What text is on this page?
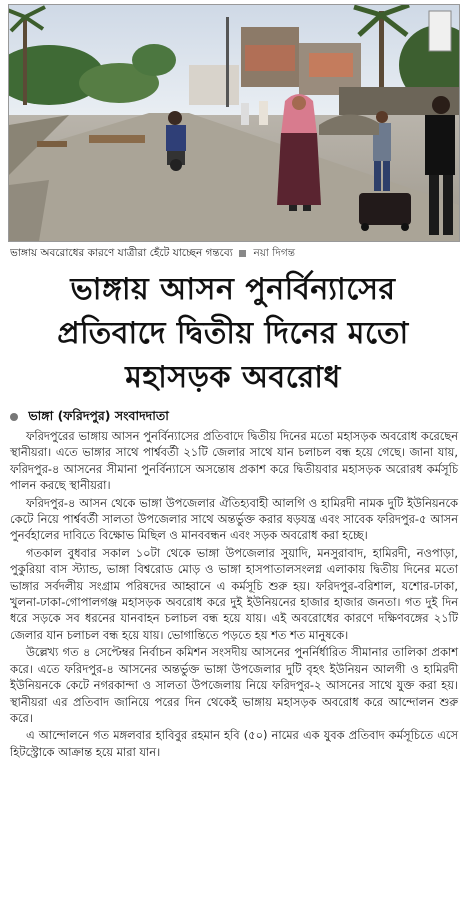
ভাঙ্গায় অবরোধের কারণে যাত্রীরা হেঁটে যাচ্ছেন গন্তব্যে নয়া দিগন্ত
ভাঙ্গায় আসন পুনর্বিন্যাসের
প্রতিবাদে দ্বিতীয় দিনের মতো
মহাসড়ক অবরোধ
ভাঙ্গা (ফরিদপুর) সংবাদদাতা

ফরিদপুরের ভাঙ্গায় আসন পুনর্বিন্যাসের প্রতিবাদে দ্বিতীয় দিনের মতো মহাসড়ক অবরোধ করেছেন স্থানীয়রা। এতে ভাঙ্গার সাথে পার্শ্ববর্তী ২১টি জেলার সাথে যান চলাচল বন্ধ হয়ে গেছে। জানা যায়, ফরিদপুর-৪ আসনের সীমানা পুনর্বিন্যাসে অসন্তোষ প্রকাশ করে দ্বিতীয়বার মহাসড়ক অরোরধ কর্মসূচি পালন করছে স্থানীয়রা।

ফরিদপুর-৪ আসন থেকে ভাঙ্গা উপজেলার ঐতিহ্যবাহী আলগি ও হামিরদী নামক দুটি ইউনিয়নকে কেটে নিয়ে পার্শ্ববর্তী সালতা উপজেলার সাথে অন্তর্ভুক্ত করার ষড়যন্ত্র এবং সাবেক ফরিদপুর-৫ আসন পুনর্বহালের দাবিতে বিক্ষোভ মিছিল ও মানববন্ধন এবং সড়ক অবরোধ করা হচ্ছে।

গতকাল বুধবার সকাল ১০টা থেকে ভাঙ্গা উপজেলার সুয়াদি, মনসুরাবাদ, হামিরদী, নওপাড়া, পুকুরিয়া বাস স্ট্যান্ড, ভাঙ্গা বিশ্বরোড মোড় ও ভাঙ্গা হাসপাতালসংলগ্ন এলাকায় দ্বিতীয় দিনের মতো ভাঙ্গার সর্বদলীয় সংগ্রাম পরিষদের আহ্বানে এ কর্মসূচি শুরু হয়। ফরিদপুর-বরিশাল, যশোর-ঢাকা, খুলনা-ঢাকা-গোপালগঞ্জ মহাসড়ক অবরোধ করে দুই ইউনিয়নের হাজার হাজার জনতা। গত দুই দিন ধরে সড়কে সব ধরনের যানবাহন চলাচল বন্ধ হয়ে যায়। এই অবরোধের কারণে দক্ষিণবঙ্গের ২১টি জেলার যান চলাচল বন্ধ হয়ে যায়। ভোগান্তিতে পড়তে হয় শত শত মানুষকে।

উল্লেখ্য গত ৪ সেপ্টেম্বর নির্বাচন কমিশন সংসদীয় আসনের পুনর্নির্ধারিত সীমানার তালিকা প্রকাশ করে। এতে ফরিদপুর-৪ আসনের অন্তর্ভুক্ত ভাঙ্গা উপজেলার দুটি বৃহৎ ইউনিয়ন আলগী ও হামিরদী ইউনিয়নকে কেটে নগরকান্দা ও সালতা উপজেলায় নিয়ে ফরিদপুর-২ আসনের সাথে যুক্ত করা হয়। স্থানীয়রা এর প্রতিবাদ জানিয়ে পরের দিন থেকেই ভাঙ্গায় মহাসড়ক অবরোধ করে আন্দোলন শুরু করে।

এ আন্দোলনে গত মঙ্গলবার হাবিবুর রহমান হবি (৫০) নামের এক যুবক প্রতিবাদ কর্মসূচিতে এসে হিটস্ট্রোকে আক্রান্ত হয়ে মারা যান।
